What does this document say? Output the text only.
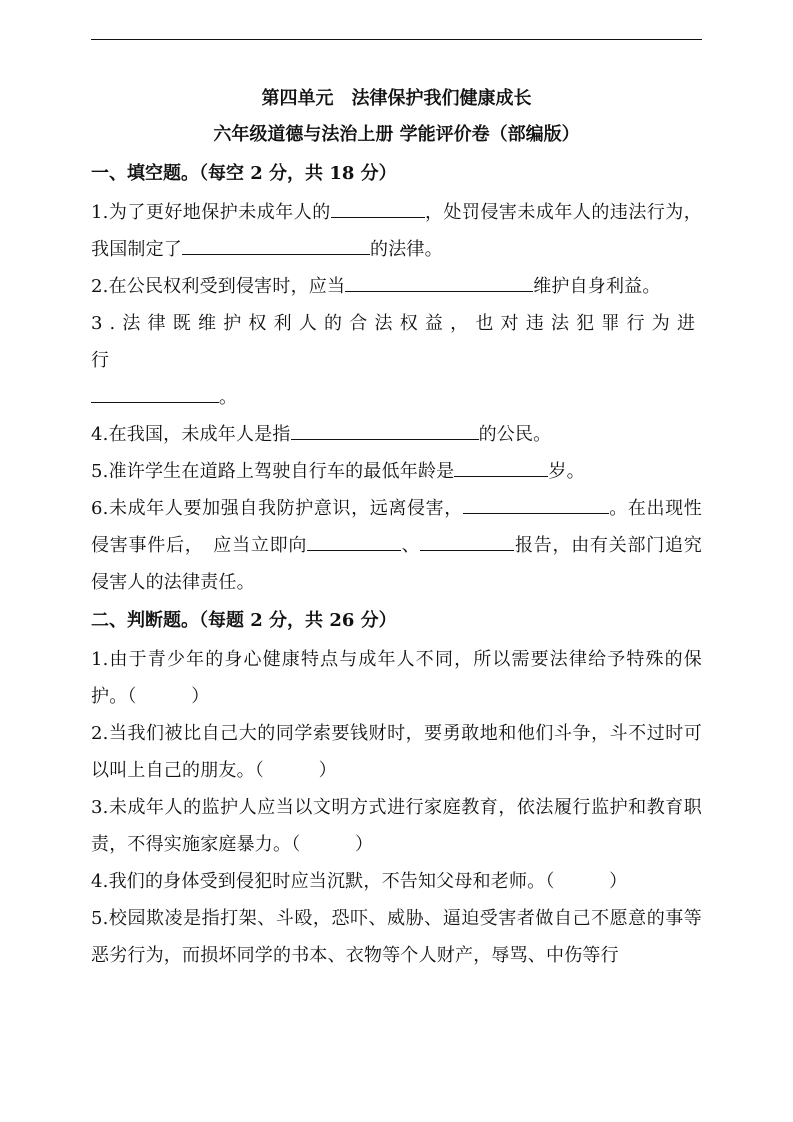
第四单元　法律保护我们健康成长
六年级道德与法治上册 学能评价卷（部编版）
一、填空题。（每空 2 分，共 18 分）
1.为了更好地保护未成年人的	，处罚侵害未成年人的违法行为，我国制定了	的法律。
2.在公民权利受到侵害时，应当	维护自身利益。
3.法律既维护权利人的合法权益，也对违法犯罪行为进行
。
4.在我国，未成年人是指	的公民。
5.准许学生在道路上驾驶自行车的最低年龄是	岁。
6.未成年人要加强自我防护意识，远离侵害，	。在出现性侵害事件后，　应当立即向	、	报告，由有关部门追究侵害人的法律责任。
二、判断题。（每题 2 分，共 26 分）
1.由于青少年的身心健康特点与成年人不同，所以需要法律给予特殊的保护。（　　　）
2.当我们被比自己大的同学索要钱财时，要勇敢地和他们斗争，斗不过时可以叫上自己的朋友。（　　　）
3.未成年人的监护人应当以文明方式进行家庭教育，依法履行监护和教育职责，不得实施家庭暴力。（　　　）
4.我们的身体受到侵犯时应当沉默，不告知父母和老师。（　　　）
5.校园欺凌是指打架、斗殴，恐吓、威胁、逼迫受害者做自己不愿意的事等恶劣行为，而损坏同学的书本、衣物等个人财产，辱骂、中伤等行
